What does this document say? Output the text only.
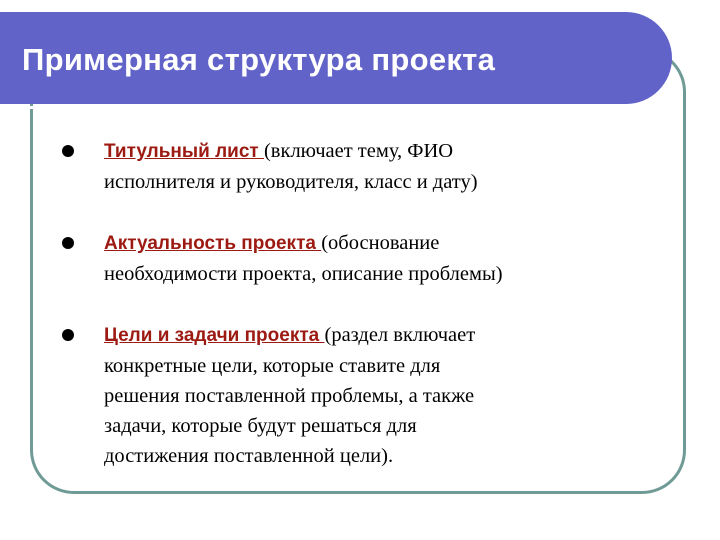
Примерная структура проекта
Титульный лист (включает тему, ФИО
исполнителя и руководителя, класс и дату)
Актуальность проекта (обоснование
необходимости проекта, описание проблемы)
Цели и задачи проекта (раздел включает
конкретные цели, которые ставите для
решения поставленной проблемы, а также
задачи, которые будут решаться для
достижения поставленной цели).
